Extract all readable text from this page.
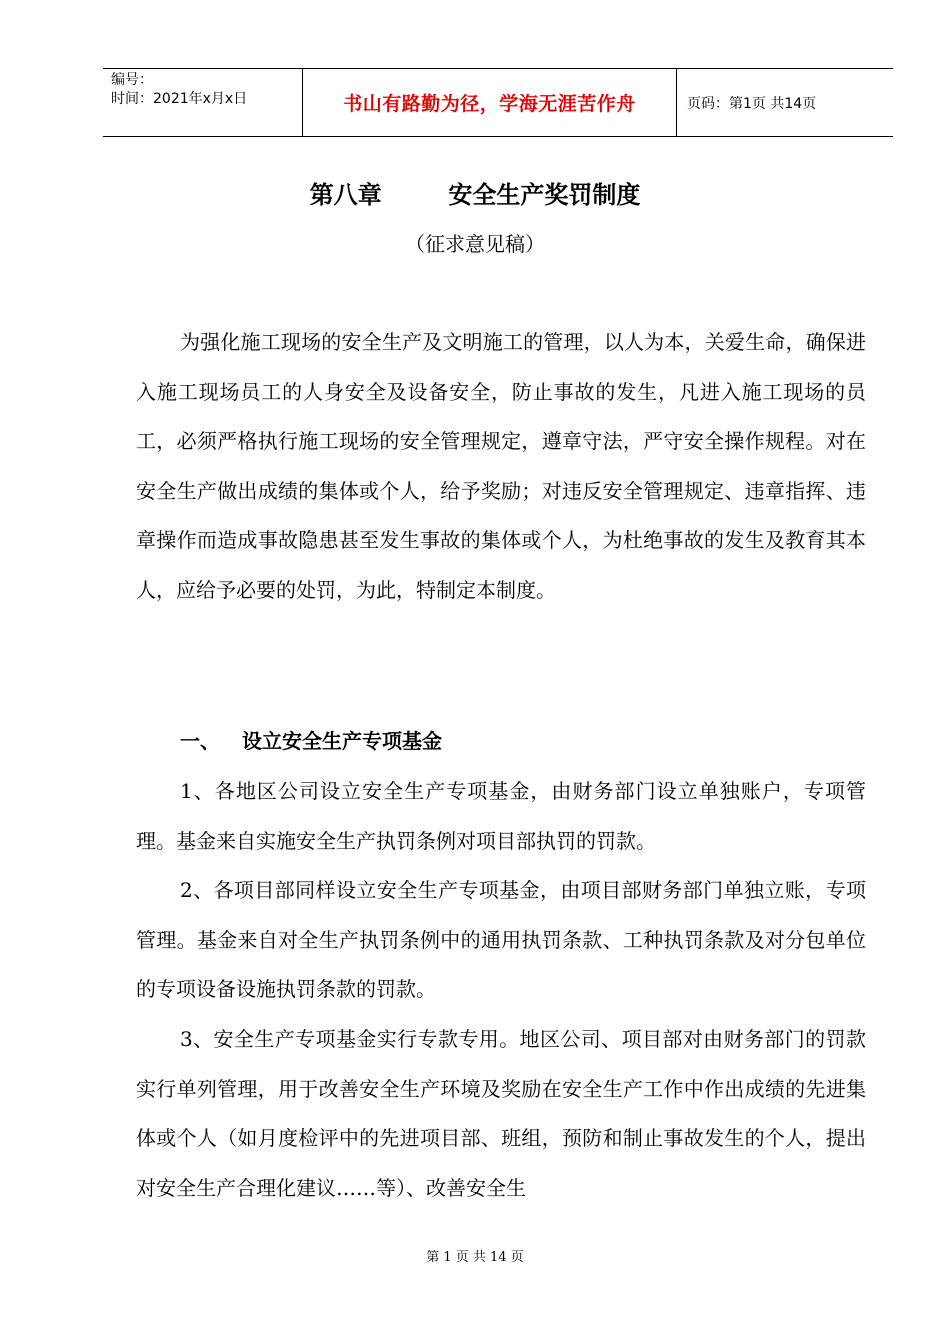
编号：
时间：2021年x月x日	书山有路勤为径，学海无涯苦作舟	页码：第1页 共14页
第八章        安全生产奖罚制度
（征求意见稿）
为强化施工现场的安全生产及文明施工的管理，以人为本，关爱生命，确保进入施工现场员工的人身安全及设备安全，防止事故的发生，凡进入施工现场的员工，必须严格执行施工现场的安全管理规定，遵章守法，严守安全操作规程。对在安全生产做出成绩的集体或个人，给予奖励；对违反安全管理规定、违章指挥、违章操作而造成事故隐患甚至发生事故的集体或个人，为杜绝事故的发生及教育其本人，应给予必要的处罚，为此，特制定本制度。
一、 设立安全生产专项基金
1、各地区公司设立安全生产专项基金，由财务部门设立单独账户，专项管理。基金来自实施安全生产执罚条例对项目部执罚的罚款。
2、各项目部同样设立安全生产专项基金，由项目部财务部门单独立账，专项管理。基金来自对全生产执罚条例中的通用执罚条款、工种执罚条款及对分包单位的专项设备设施执罚条款的罚款。
3、安全生产专项基金实行专款专用。地区公司、项目部对由财务部门的罚款实行单列管理，用于改善安全生产环境及奖励在安全生产工作中作出成绩的先进集体或个人（如月度检评中的先进项目部、班组，预防和制止事故发生的个人，提出对安全生产合理化建议……等）、改善安全生
第 1 页 共 14 页
